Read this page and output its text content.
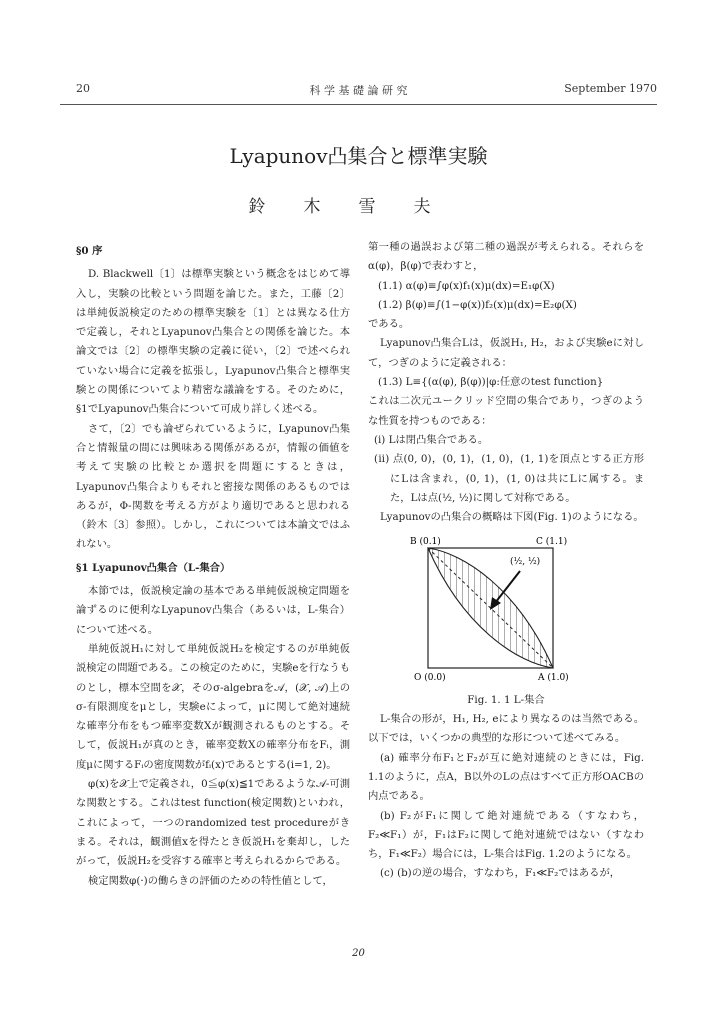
20	科 学 基 礎 論 研 究	September 1970
Lyapunov凸集合と標準実験
鈴木雪夫

§0 序

D. Blackwell〔1〕は標準実験という概念をはじめて導入し，実験の比較という問題を論じた。また，工藤〔2〕は単純仮説検定のための標準実験を〔1〕とは異なる仕方で定義し，それとLyapunov凸集合との関係を論じた。本論文では〔2〕の標準実験の定義に従い，〔2〕で述べられていない場合に定義を拡張し，Lyapunov凸集合と標準実験との関係についてより精密な議論をする。そのために，§1でLyapunov凸集合について可成り詳しく述べる。

さて，〔2〕でも論ぜられているように，Lyapunov凸集合と情報量の間には興味ある関係があるが，情報の価値を考えて実験の比較とか選択を問題にするときは，Lyapunov凸集合よりもそれと密接な関係のあるものではあるが，Φ-関数を考える方がより適切であると思われる（鈴木〔3〕参照）。しかし，これについては本論文ではふれない。

§1 Lyapunov凸集合（L-集合）

本節では，仮説検定論の基本である単純仮説検定問題を論ずるのに便利なLyapunov凸集合（あるいは，L-集合）について述べる。

単純仮説H₁に対して単純仮説H₂を検定するのが単純仮説検定の問題である。この検定のために，実験eを行なうものとし，標本空間を𝒳，そのσ-algebraを𝒜，(𝒳, 𝒜)上のσ-有限測度をμとし，実験eによって，μに関して絶対連続な確率分布をもつ確率変数Xが観測されるものとする。そして，仮説H₁が真のとき，確率変数Xの確率分布をFᵢ，測度μに関するFᵢの密度関数がfᵢ(x)であるとする(i=1, 2)。

φ(x)を𝒳上で定義され，0≦φ(x)≦1であるような𝒜-可測な関数とする。これはtest function(検定関数)といわれ，これによって，一つのrandomized test procedureがきまる。それは，観測値xを得たとき仮説H₁を棄却し，したがって，仮説H₂を受容する確率と考えられるからである。

検定関数φ(·)の働らきの評価のための特性値として，

第一種の過誤および第二種の過誤が考えられる。それらをα(φ)，β(φ)で表わすと，

(1.1) α(φ)≡∫φ(x)f₁(x)μ(dx)=E₁φ(X)

(1.2) β(φ)≡∫(1−φ(x))f₂(x)μ(dx)=E₂φ(X)

である。

Lyapunov凸集合Lは，仮説H₁, H₂，および実験eに対して，つぎのように定義される：

(1.3) L≡{(α(φ), β(φ))|φ:任意のtest function}

これは二次元ユークリッド空間の集合であり，つぎのような性質を持つものである：

(ⅰ) Lは閉凸集合である。

(ⅱ) 点(0, 0)，(0, 1)，(1, 0)，(1, 1)を頂点とする正方形にLは含まれ，(0, 1)，(1, 0)は共にLに属する。また，Lは点(½, ½)に関して対称である。

Lyapunovの凸集合の概略は下図(Fig. 1)のようになる。

B (0.1)	C (1.1)
O (0.0)	A (1.0)
(½, ½)
Fig. 1. 1 L-集合

L-集合の形が，H₁, H₂, eにより異なるのは当然である。以下では，いくつかの典型的な形について述べてみる。

(a) 確率分布F₁とF₂が互に絶対連続のときには，Fig. 1.1のように，点A，B以外のLの点はすべて正方形OACBの内点である。

(b) F₂がF₁に関して絶対連続である（すなわち，F₂≪F₁）が，F₁はF₂に関して絶対連続ではない（すなわち，F₁≪F₂）場合には，L-集合はFig. 1.2のようになる。

(c) (b)の逆の場合，すなわち，F₁≪F₂ではあるが，

20
